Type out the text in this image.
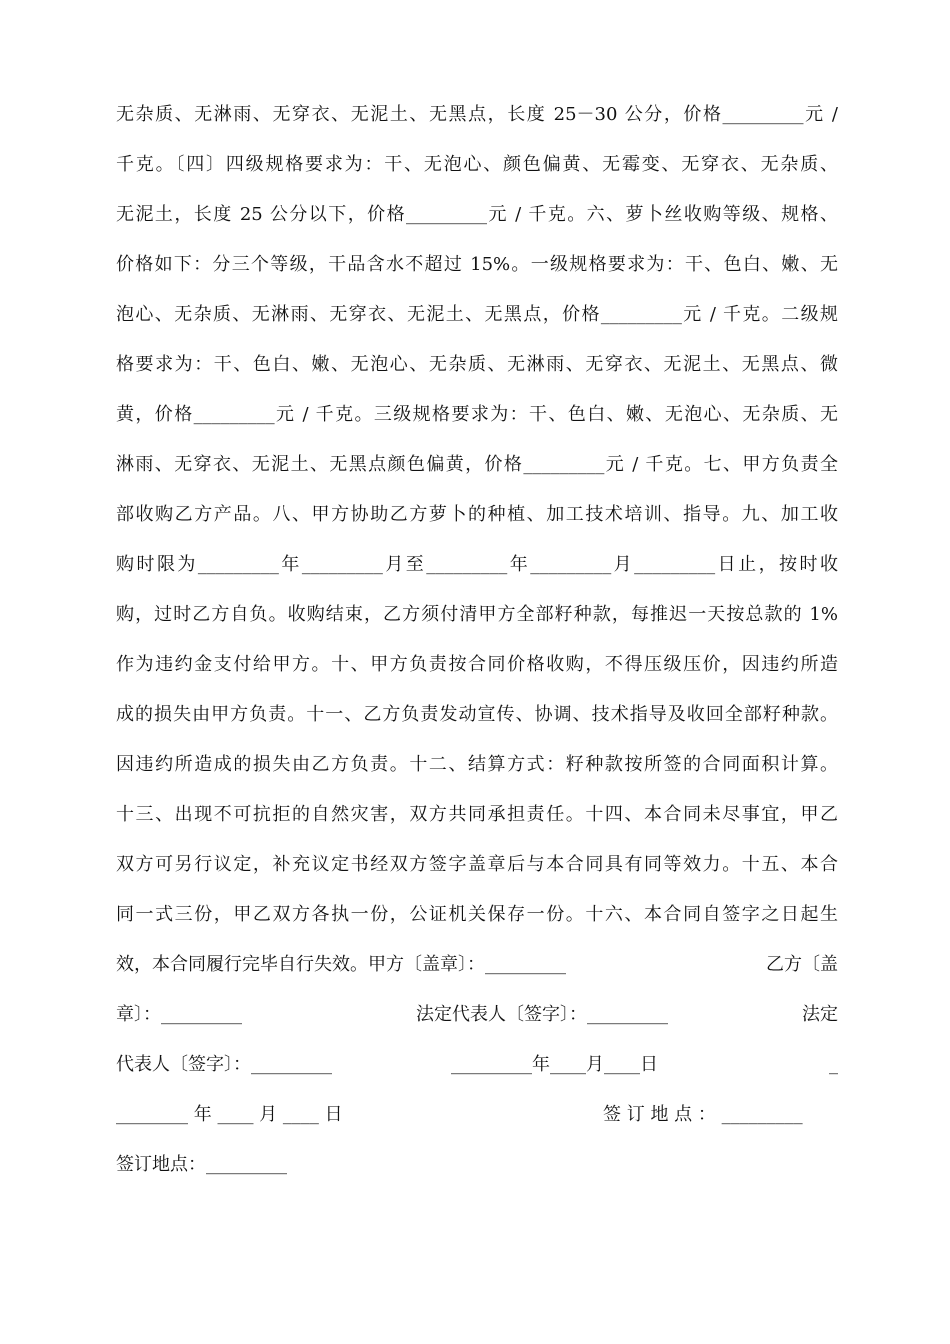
无杂质、无淋雨、无穿衣、无泥土、无黑点，长度 25－30 公分，价格_________元 /
千克。〔四〕四级规格要求为：干、无泡心、颜色偏黄、无霉变、无穿衣、无杂质、
无泥土，长度 25 公分以下，价格_________元 / 千克。六、萝卜丝收购等级、规格、
价格如下：分三个等级，干品含水不超过 15%。一级规格要求为：干、色白、嫩、无
泡心、无杂质、无淋雨、无穿衣、无泥土、无黑点，价格_________元 / 千克。二级规
格要求为：干、色白、嫩、无泡心、无杂质、无淋雨、无穿衣、无泥土、无黑点、微
黄，价格_________元 / 千克。三级规格要求为：干、色白、嫩、无泡心、无杂质、无
淋雨、无穿衣、无泥土、无黑点颜色偏黄，价格_________元 / 千克。七、甲方负责全
部收购乙方产品。八、甲方协助乙方萝卜的种植、加工技术培训、指导。九、加工收
购时限为_________年_________月至_________年_________月_________日止，按时收
购，过时乙方自负。收购结束，乙方须付清甲方全部籽种款，每推迟一天按总款的 1%
作为违约金支付给甲方。十、甲方负责按合同价格收购，不得压级压价，因违约所造
成的损失由甲方负责。十一、乙方负责发动宣传、协调、技术指导及收回全部籽种款。
因违约所造成的损失由乙方负责。十二、结算方式：籽种款按所签的合同面积计算。
十三、出现不可抗拒的自然灾害，双方共同承担责任。十四、本合同未尽事宜，甲乙
双方可另行议定，补充议定书经双方签字盖章后与本合同具有同等效力。十五、本合
同一式三份，甲乙双方各执一份，公证机关保存一份。十六、本合同自签字之日起生
效，本合同履行完毕自行失效。甲方〔盖章〕：_________	乙方〔盖
章〕：_________	法定代表人〔签字〕：_________	法定
代表人〔签字〕：_________	_________年____月____日	_
________ 年 ____ 月 ____ 日	签 订 地 点 ： _________
签订地点：_________
